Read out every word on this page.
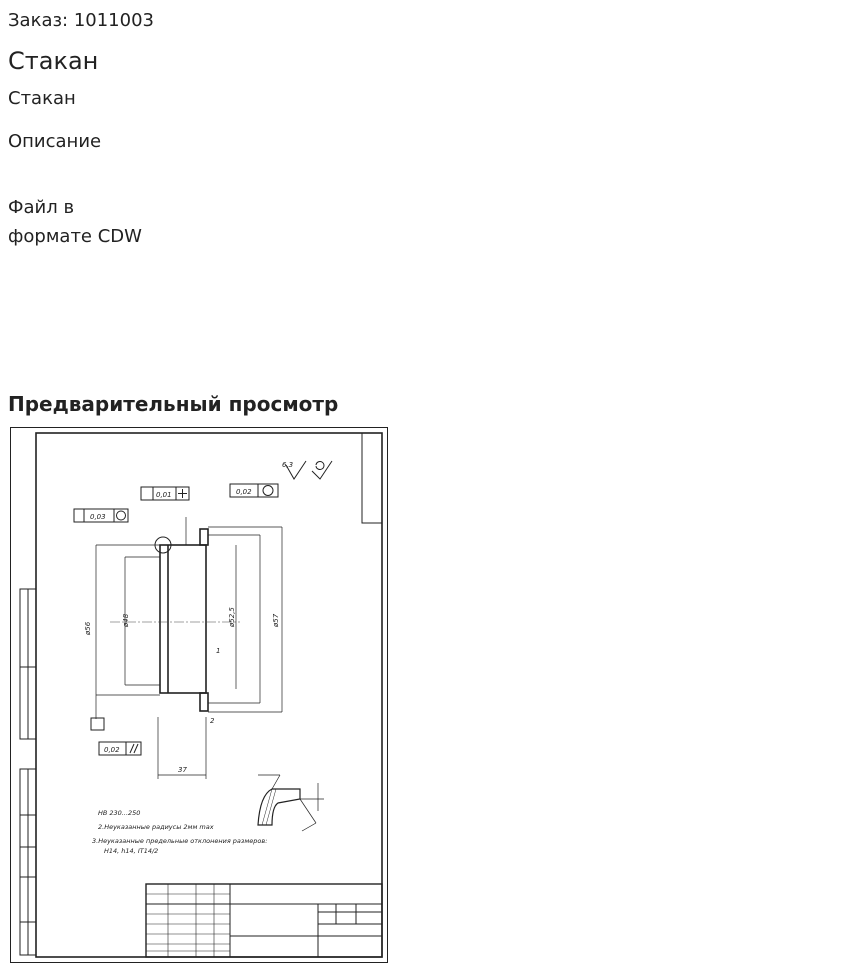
Заказ: 1011003
Стакан
Стакан
Описание
Файл в
формате CDW
Предварительный просмотр
6,3
0,01	0,02
0,03
0,02
ø48
ø56
ø52,5	ø57
37
1
2
HB 230...250
2.Неуказанные радиусы 2мм max
3.Неуказанные предельные отклонения размеров:
H14, h14, IT14/2
